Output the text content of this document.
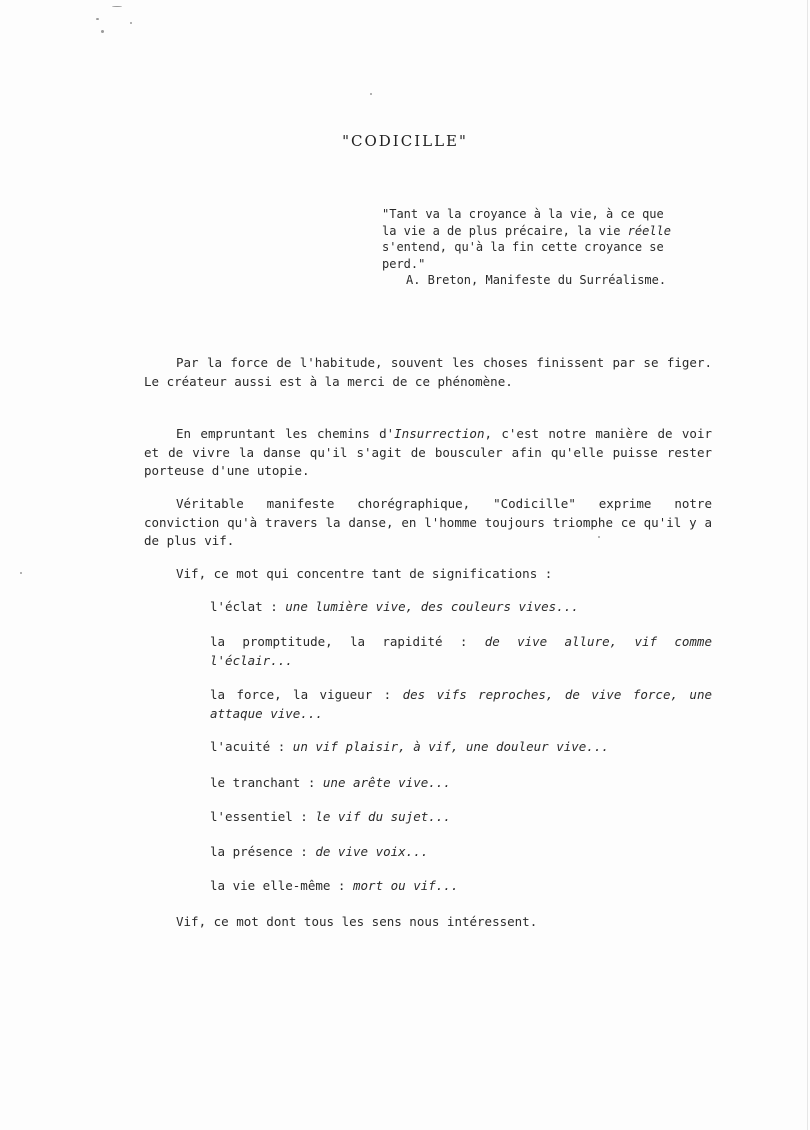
"CODICILLE"
"Tant va la croyance à la vie, à ce que
la vie a de plus précaire, la vie réelle
s'entend, qu'à la fin cette croyance se
perd."
A. Breton, Manifeste du Surréalisme.

Par la force de l'habitude, souvent les choses finissent par se figer. Le créateur aussi est à la merci de ce phénomène.

En empruntant les chemins d'Insurrection, c'est notre manière de voir et de vivre la danse qu'il s'agit de bousculer afin qu'elle puisse rester porteuse d'une utopie.

Véritable manifeste chorégraphique, "Codicille" exprime notre conviction qu'à travers la danse, en l'homme toujours triomphe ce qu'il y a de plus vif.

Vif, ce mot qui concentre tant de significations :

l'éclat : une lumière vive, des couleurs vives...

la promptitude, la rapidité : de vive allure, vif comme l'éclair...

la force, la vigueur : des vifs reproches, de vive force, une attaque vive...

l'acuité : un vif plaisir, à vif, une douleur vive...

le tranchant : une arête vive...

l'essentiel : le vif du sujet...

la présence : de vive voix...

la vie elle-même : mort ou vif...

Vif, ce mot dont tous les sens nous intéressent.
